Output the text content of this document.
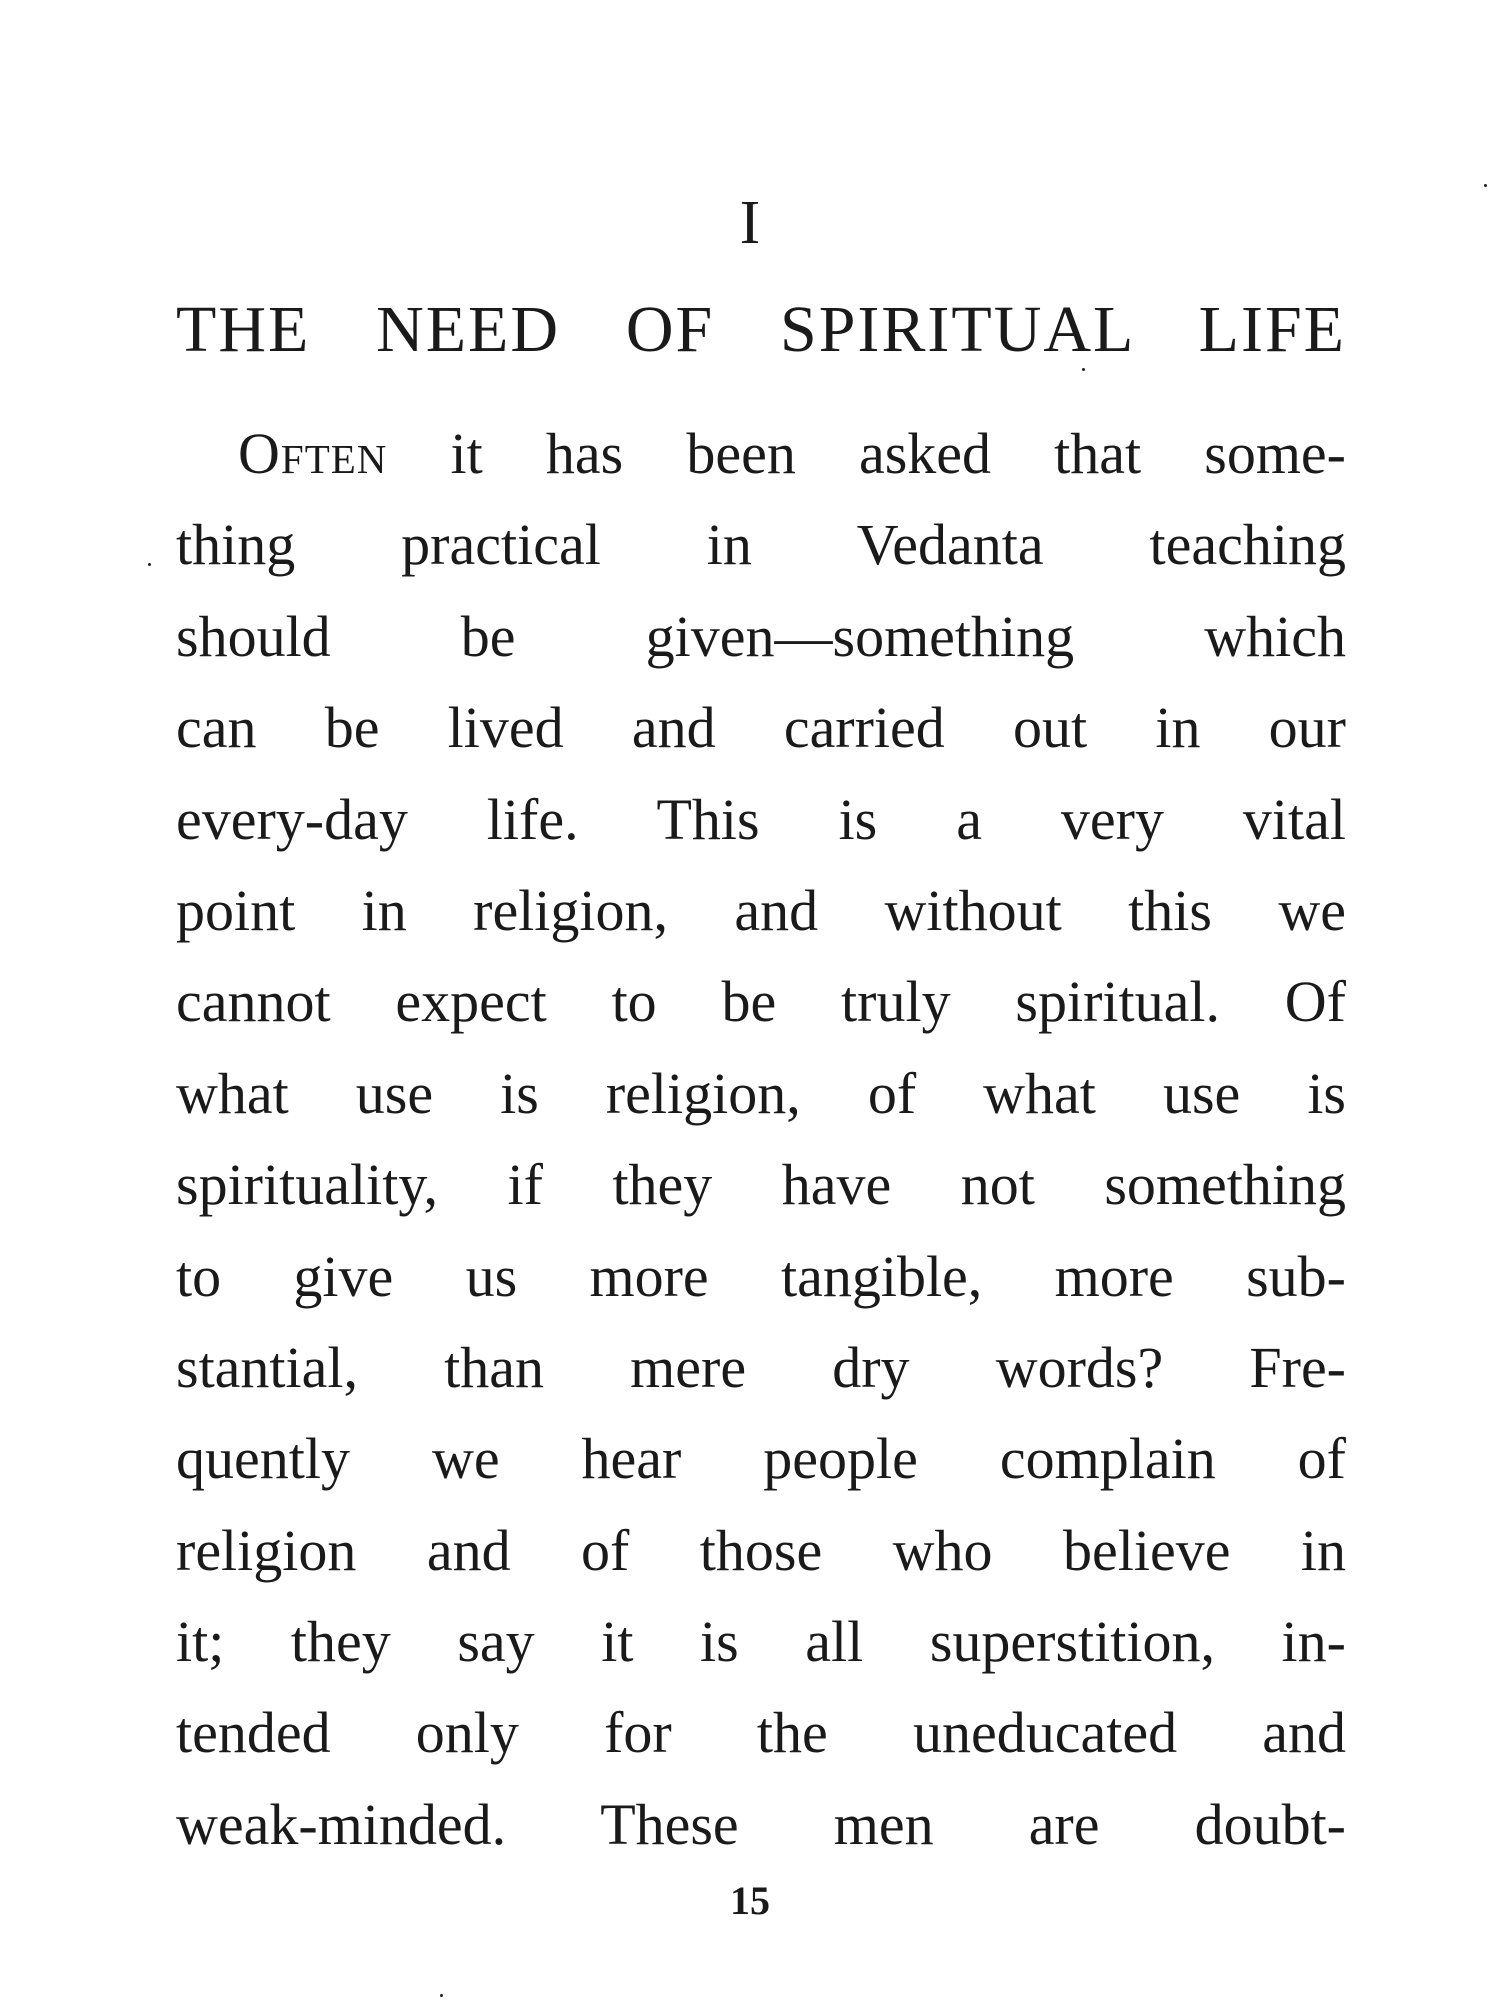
I
THE NEED OF SPIRITUAL LIFE
Often it has been asked that some-
thing practical in Vedanta teaching
should be given—something which
can be lived and carried out in our
every-day life. This is a very vital
point in religion, and without this we
cannot expect to be truly spiritual. Of
what use is religion, of what use is
spirituality, if they have not something
to give us more tangible, more sub-
stantial, than mere dry words? Fre-
quently we hear people complain of
religion and of those who believe in
it; they say it is all superstition, in-
tended only for the uneducated and
weak-minded. These men are doubt-
15
